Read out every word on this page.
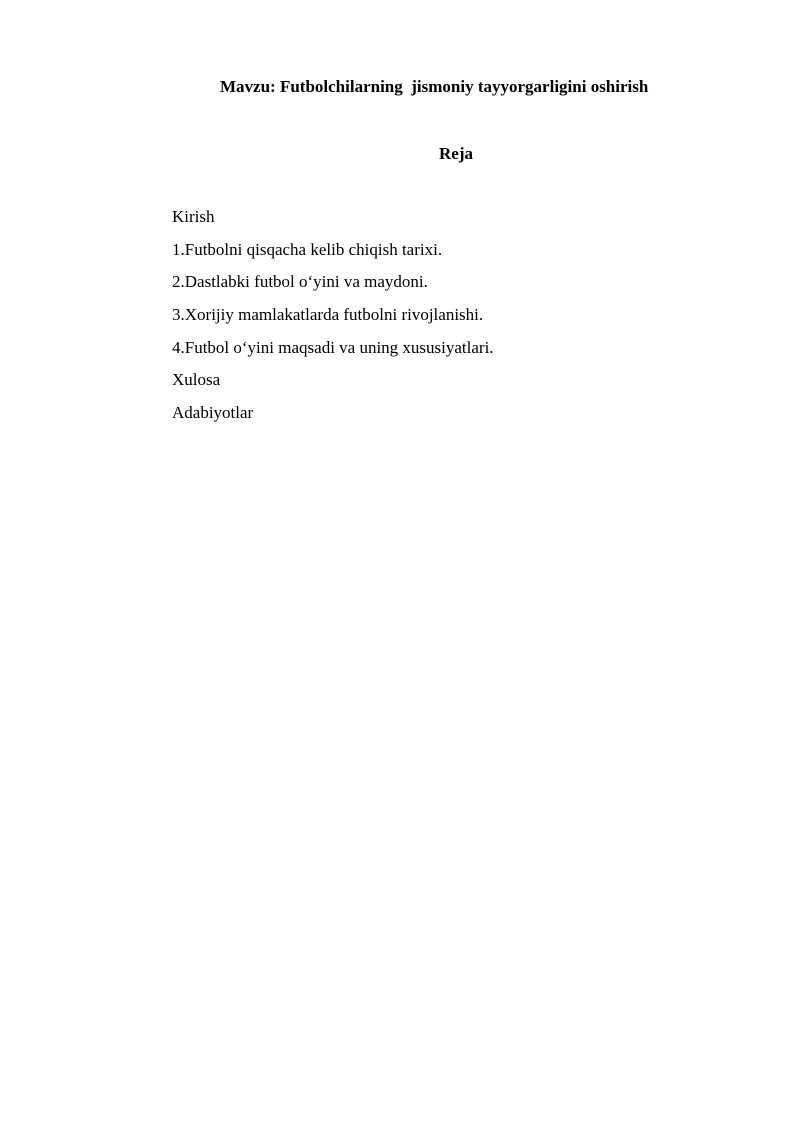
Mavzu: Futbolchilarning  jismoniy tayyorgarligini oshirish
Reja
Kirish
1.Futbolni qisqacha kelib chiqish tarixi.
2.Dastlabki futbol o‘yini va maydoni.
3.Xorijiy mamlakatlarda futbolni rivojlanishi.
4.Futbol o‘yini maqsadi va uning xususiyatlari.
Xulosa
Adabiyotlar
